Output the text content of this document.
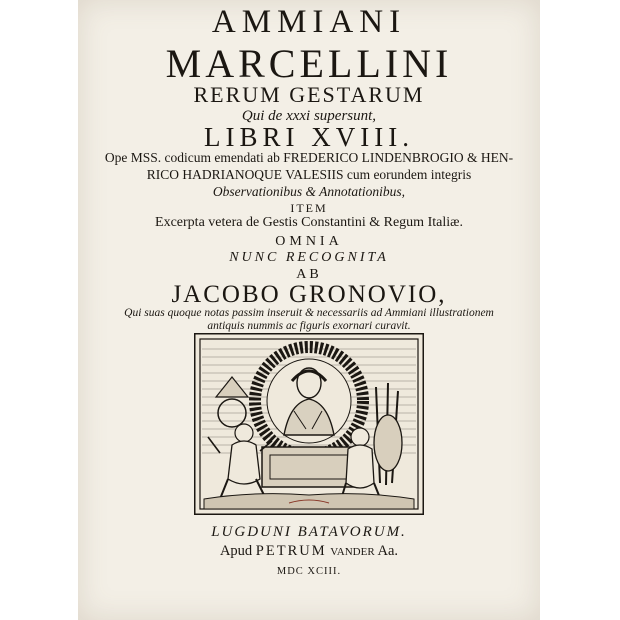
AMMIANI
MARCELLINI
RERUM GESTARUM
Qui de xxxi supersunt,
LIBRI XVIII.
Ope MSS. codicum emendati ab FREDERICO LINDENBROGIO & HEN-
RICO HADRIANOQUE VALESIIS cum eorundem integris
Observationibus & Annotationibus,
ITEM
Excerpta vetera de Gestis Constantini & Regum Italiæ.
OMNIA
NUNC RECOGNITA
AB
JACOBO GRONOVIO,
Qui suas quoque notas passim inseruit & necessariis ad Ammiani illustrationem
antiquis nummis ac figuris exornari curavit.
LUGDUNI BATAVORUM.
Apud PETRUM VANDER Aa.
MDC XCIII.
